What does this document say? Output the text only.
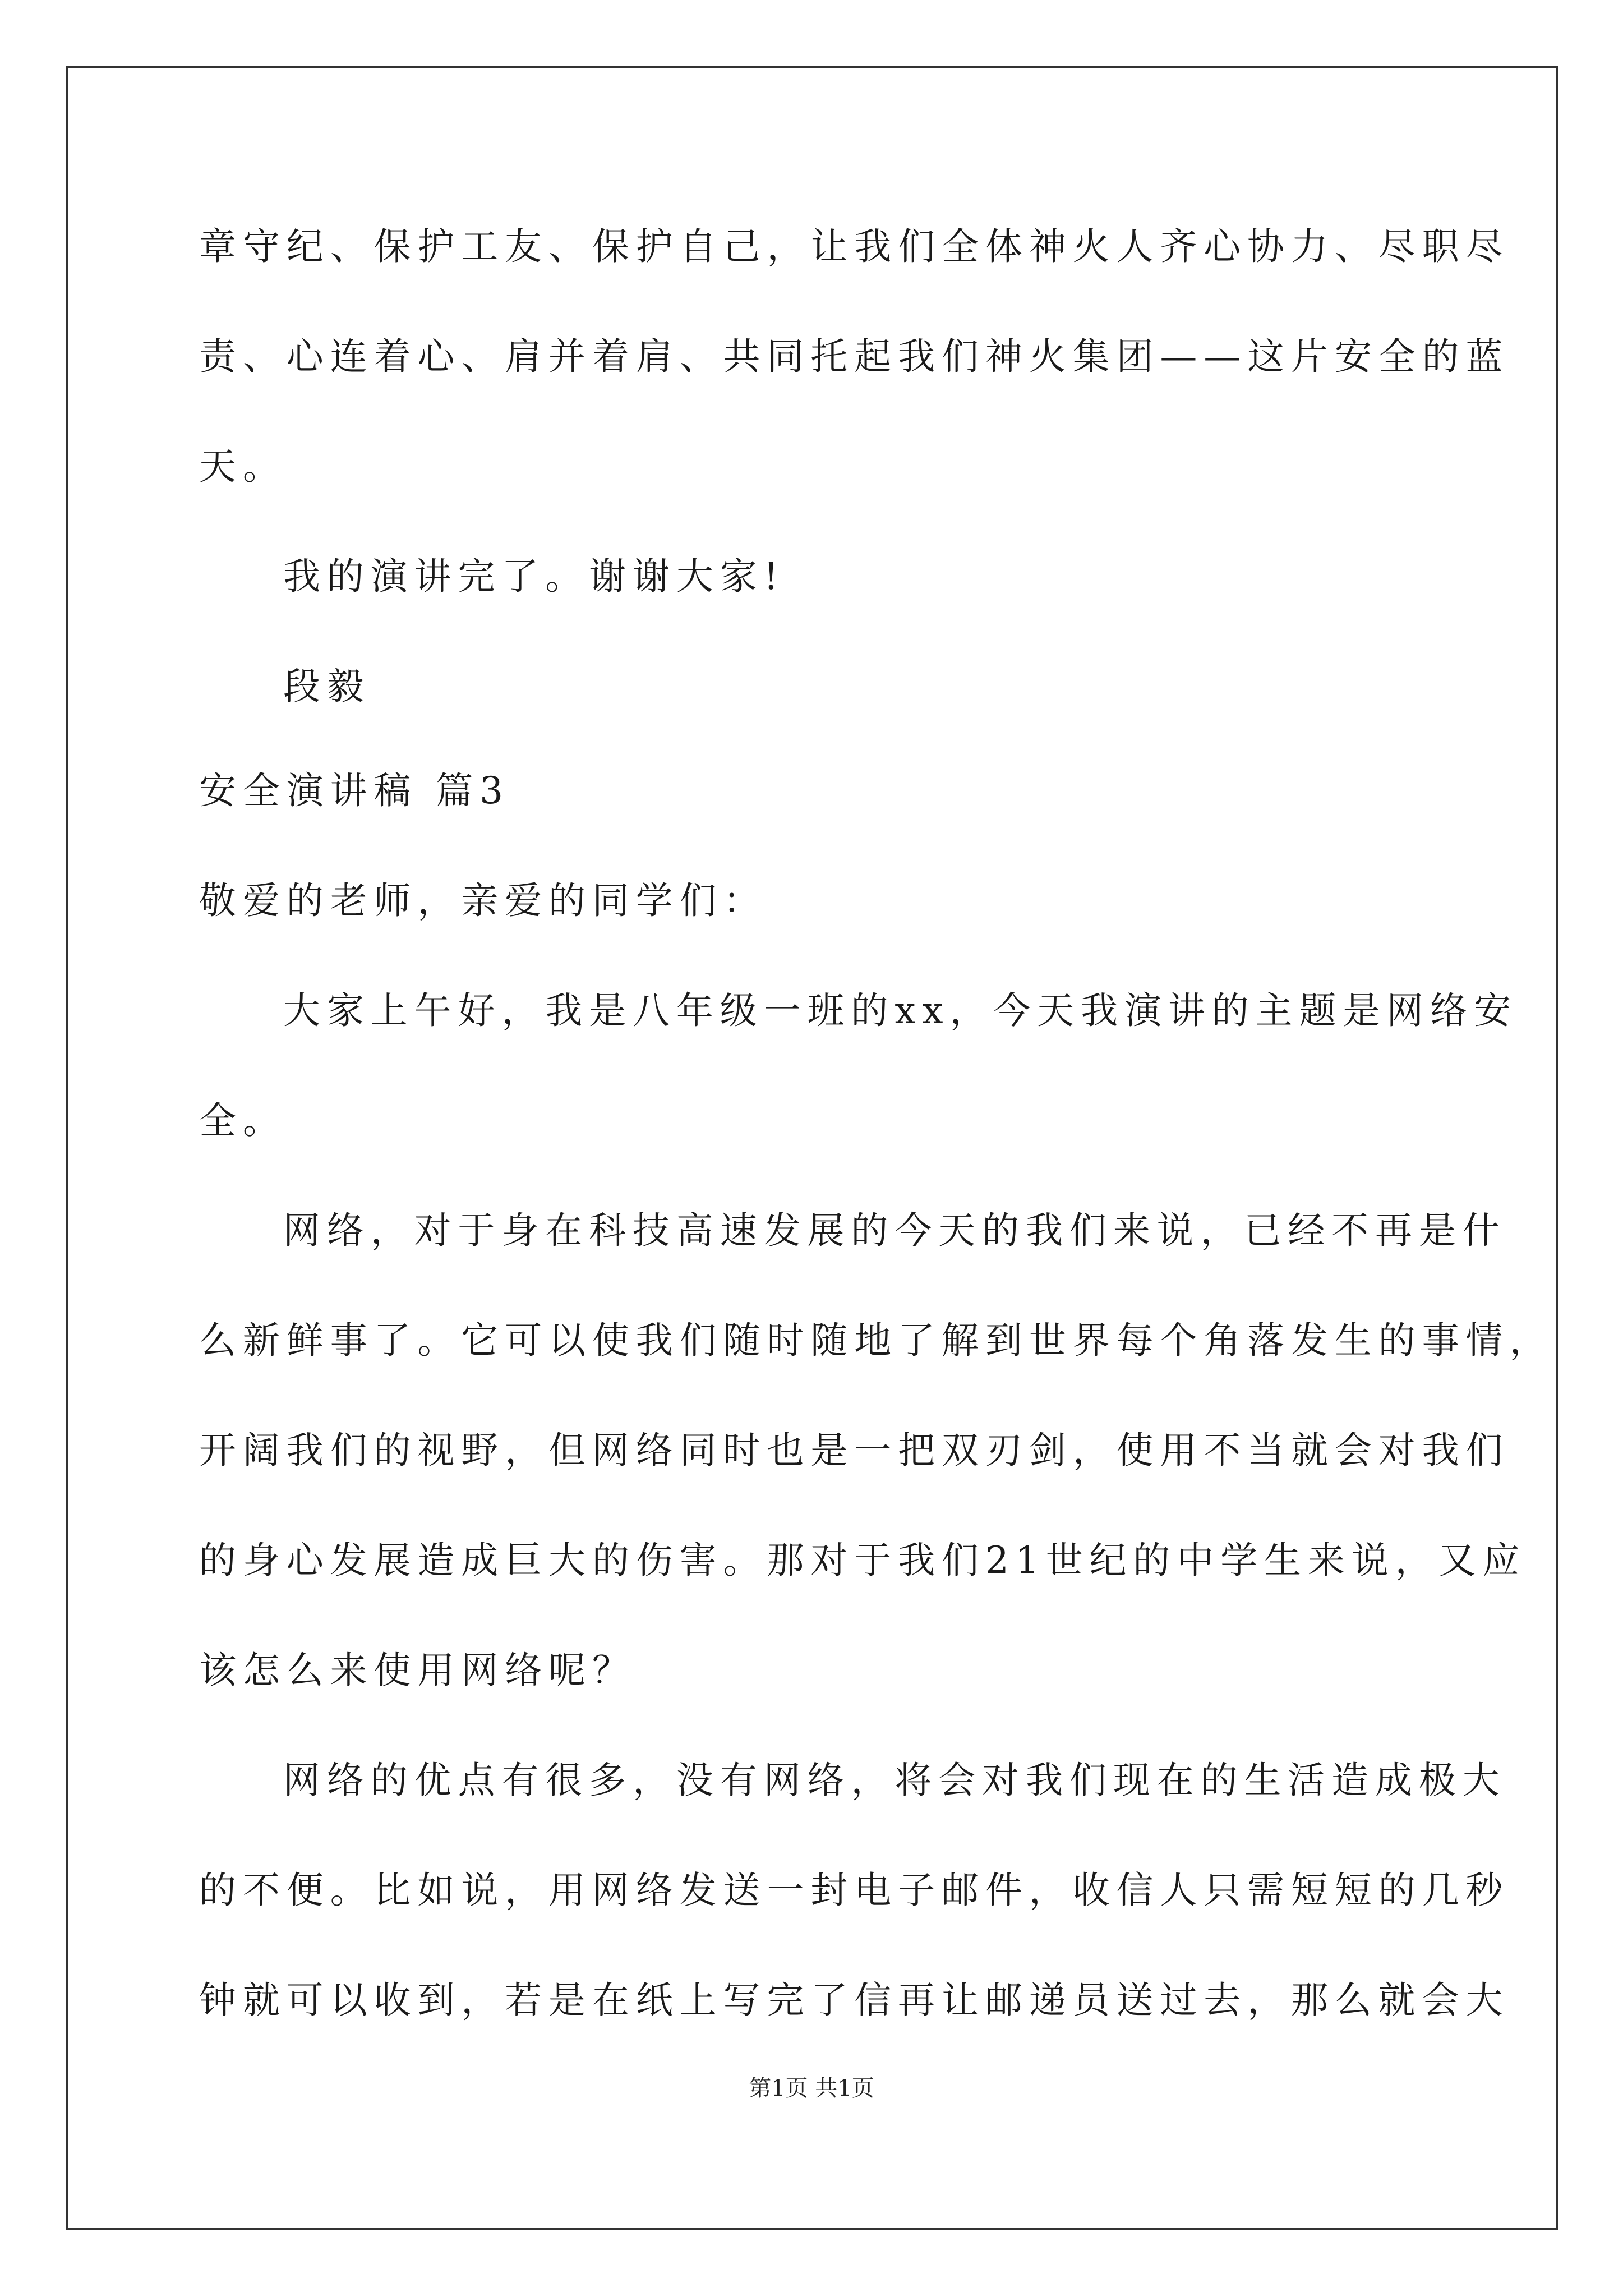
章守纪、保护工友、保护自己，让我们全体神火人齐心协力、尽职尽
责、心连着心、肩并着肩、共同托起我们神火集团——这片安全的蓝
天。
我的演讲完了。谢谢大家!
段毅
安全演讲稿 篇3
敬爱的老师，亲爱的同学们：
大家上午好，我是八年级一班的xx，今天我演讲的主题是网络安
全。
网络，对于身在科技高速发展的今天的我们来说，已经不再是什
么新鲜事了。它可以使我们随时随地了解到世界每个角落发生的事情，
开阔我们的视野，但网络同时也是一把双刃剑，使用不当就会对我们
的身心发展造成巨大的伤害。那对于我们21世纪的中学生来说，又应
该怎么来使用网络呢？
网络的优点有很多，没有网络，将会对我们现在的生活造成极大
的不便。比如说，用网络发送一封电子邮件，收信人只需短短的几秒
钟就可以收到，若是在纸上写完了信再让邮递员送过去，那么就会大
第1页 共1页
